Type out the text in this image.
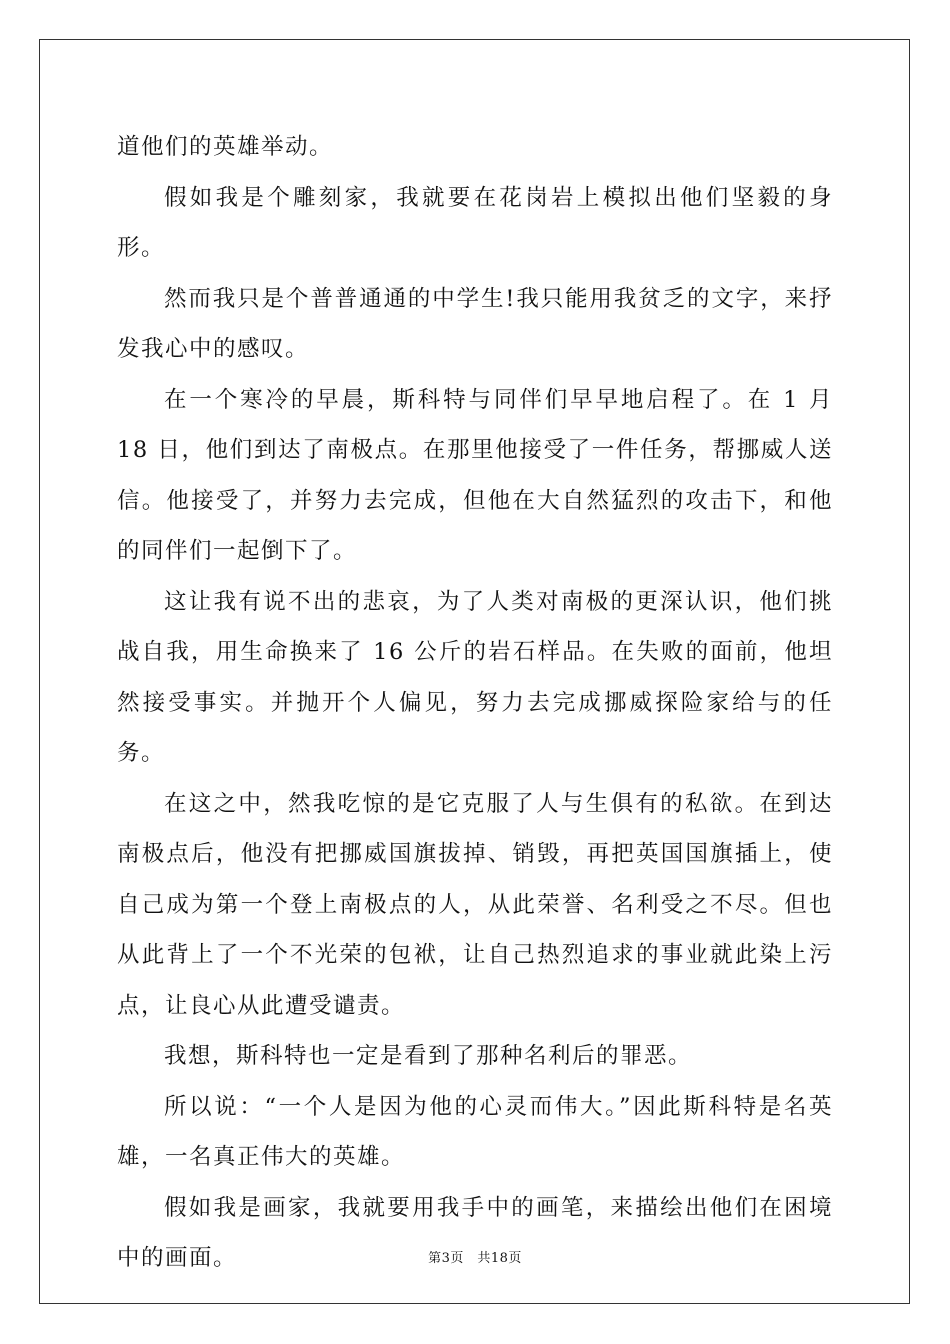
道他们的英雄举动。

假如我是个雕刻家，我就要在花岗岩上模拟出他们坚毅的身形。

然而我只是个普普通通的中学生!我只能用我贫乏的文字，来抒发我心中的感叹。

在一个寒冷的早晨，斯科特与同伴们早早地启程了。在 1 月 18 日，他们到达了南极点。在那里他接受了一件任务，帮挪威人送信。他接受了，并努力去完成，但他在大自然猛烈的攻击下，和他的同伴们一起倒下了。

这让我有说不出的悲哀，为了人类对南极的更深认识，他们挑战自我，用生命换来了 16 公斤的岩石样品。在失败的面前，他坦然接受事实。并抛开个人偏见，努力去完成挪威探险家给与的任务。

在这之中，然我吃惊的是它克服了人与生俱有的私欲。在到达南极点后，他没有把挪威国旗拔掉、销毁，再把英国国旗插上，使自己成为第一个登上南极点的人，从此荣誉、名利受之不尽。但也从此背上了一个不光荣的包袱，让自己热烈追求的事业就此染上污点，让良心从此遭受谴责。

我想，斯科特也一定是看到了那种名利后的罪恶。

所以说：“一个人是因为他的心灵而伟大。”因此斯科特是名英雄，一名真正伟大的英雄。

假如我是画家，我就要用我手中的画笔，来描绘出他们在困境中的画面。	第3页　共18页
